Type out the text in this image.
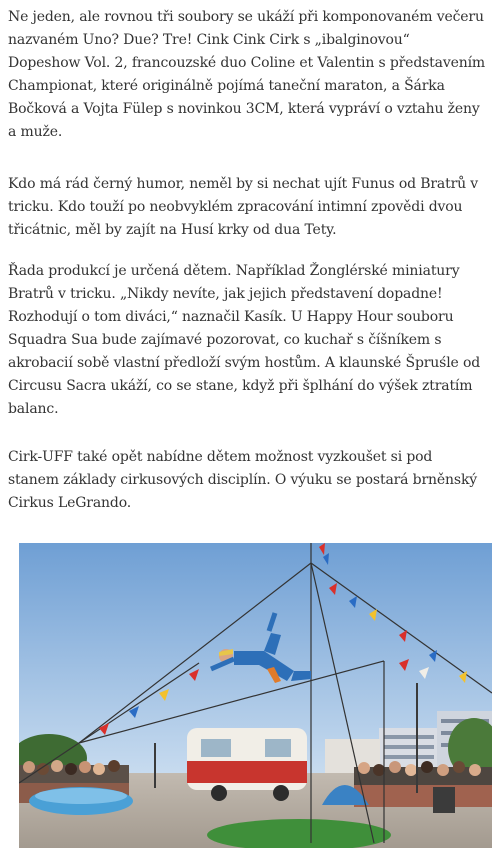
Ne jeden, ale rovnou tři soubory se ukáží při komponovaném večeru nazvaném Uno? Due? Tre! Cink Cink Cirk s „ibalginovou“ Dopeshow Vol. 2, francouzské duo Coline et Valentin s představením Championat, které originálně pojímá taneční maraton, a Šárka Bočková a Vojta Fülep s novinkou 3CM, která vypráví o vztahu ženy a muže.

Kdo má rád černý humor, neměl by si nechat ujít Funus od Bratrů v tricku. Kdo touží po neobvyklém zpracování intimní zpovědi dvou třicátnic, měl by zajít na Husí krky od dua Tety.

Řada produkcí je určená dětem. Například Žonglérské miniatury Bratrů v tricku. „Nikdy nevíte, jak jejich představení dopadne! Rozhodují o tom diváci,“ naznačil Kasík. U Happy Hour souboru Squadra Sua bude zajímavé pozorovat, co kuchař s číšníkem s akrobacií sobě vlastní předloží svým hostům. A klaunské Špruśle od Circusu Sacra ukáží, co se stane, když při šplhání do výšek ztratím balanc.

Cirk-UFF také opět nabídne dětem možnost vyzkoušet si pod stanem základy cirkusových disciplín. O výuku se postará brněnský Cirkus LeGrando.
